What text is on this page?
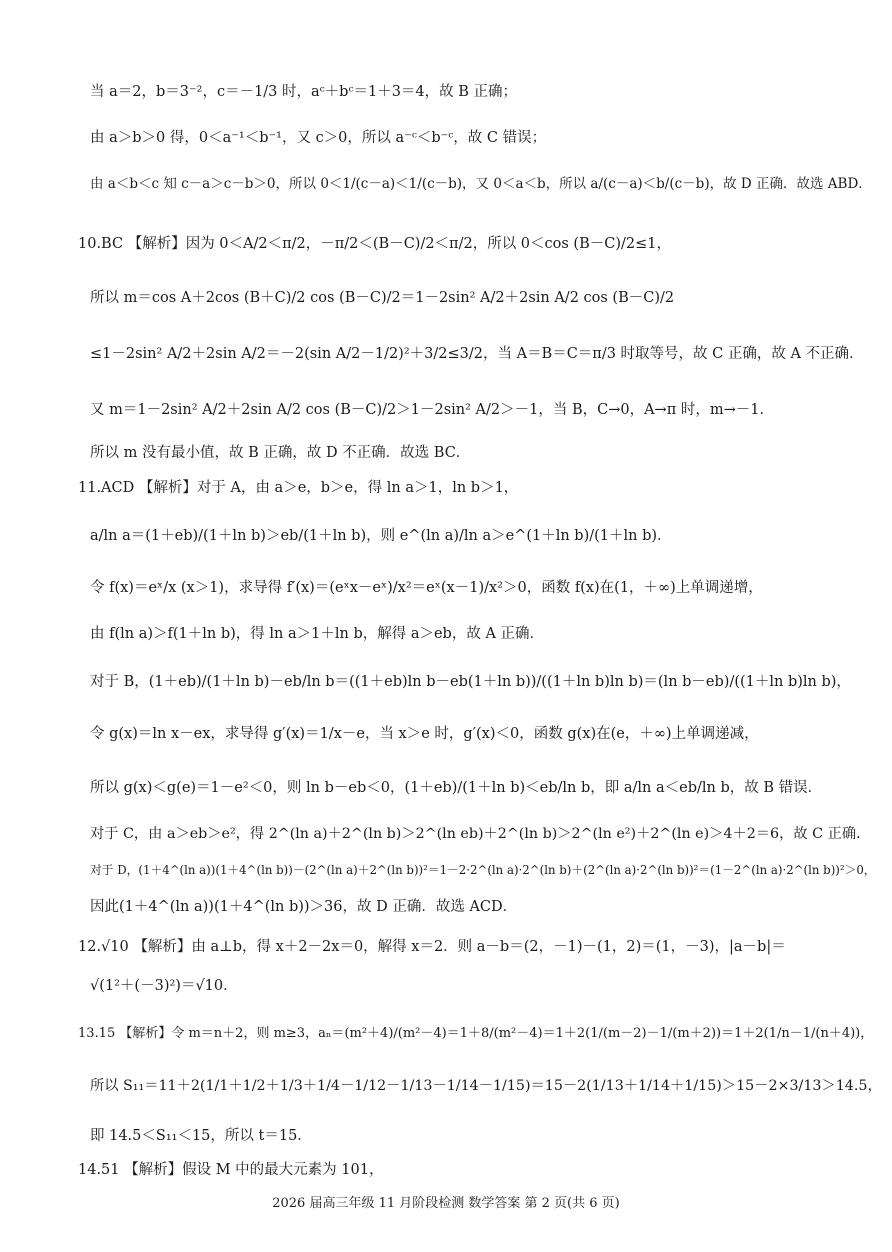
当 a＝2，b＝3⁻²，c＝－1/3 时，aᶜ＋bᶜ＝1＋3＝4，故 B 正确；
由 a＞b＞0 得，0＜a⁻¹＜b⁻¹，又 c＞0，所以 a⁻ᶜ＜b⁻ᶜ，故 C 错误；
由 a＜b＜c 知 c－a＞c－b＞0，所以 0＜1/(c－a)＜1/(c－b)，又 0＜a＜b，所以 a/(c－a)＜b/(c－b)，故 D 正确．故选 ABD．
10.BC 【解析】因为 0＜A/2＜π/2，－π/2＜(B－C)/2＜π/2，所以 0＜cos (B－C)/2≤1，
所以 m＝cos A＋2cos (B＋C)/2 cos (B－C)/2＝1－2sin² A/2＋2sin A/2 cos (B－C)/2
≤1－2sin² A/2＋2sin A/2＝－2(sin A/2－1/2)²＋3/2≤3/2，当 A＝B＝C＝π/3 时取等号，故 C 正确，故 A 不正确．
又 m＝1－2sin² A/2＋2sin A/2 cos (B－C)/2＞1－2sin² A/2＞－1，当 B，C→0，A→π 时，m→－1．
所以 m 没有最小值，故 B 正确，故 D 不正确．故选 BC．
11.ACD 【解析】对于 A，由 a＞e，b＞e，得 ln a＞1，ln b＞1，
a/ln a＝(1＋eb)/(1＋ln b)＞eb/(1＋ln b)，则 e^(ln a)/ln a＞e^(1＋ln b)/(1＋ln b)．
令 f(x)＝eˣ/x (x＞1)，求导得 f′(x)＝(eˣx－eˣ)/x²＝eˣ(x－1)/x²＞0，函数 f(x)在(1，＋∞)上单调递增，
由 f(ln a)＞f(1＋ln b)，得 ln a＞1＋ln b，解得 a＞eb，故 A 正确．
对于 B，(1＋eb)/(1＋ln b)－eb/ln b＝((1＋eb)ln b－eb(1＋ln b))/((1＋ln b)ln b)＝(ln b－eb)/((1＋ln b)ln b)，
令 g(x)＝ln x－ex，求导得 g′(x)＝1/x－e，当 x＞e 时，g′(x)＜0，函数 g(x)在(e，＋∞)上单调递减，
所以 g(x)＜g(e)＝1－e²＜0，则 ln b－eb＜0，(1＋eb)/(1＋ln b)＜eb/ln b，即 a/ln a＜eb/ln b，故 B 错误．
对于 C，由 a＞eb＞e²，得 2^(ln a)＋2^(ln b)＞2^(ln eb)＋2^(ln b)＞2^(ln e²)＋2^(ln e)＞4＋2＝6，故 C 正确．
对于 D，(1＋4^(ln a))(1＋4^(ln b))－(2^(ln a)＋2^(ln b))²＝1－2·2^(ln a)·2^(ln b)＋(2^(ln a)·2^(ln b))²＝(1－2^(ln a)·2^(ln b))²＞0，
因此(1＋4^(ln a))(1＋4^(ln b))＞36，故 D 正确．故选 ACD．
12.√10 【解析】由 a⊥b，得 x＋2－2x＝0，解得 x＝2．则 a－b＝(2，－1)－(1，2)＝(1，－3)，|a－b|＝
√(1²＋(－3)²)＝√10．
13.15 【解析】令 m＝n＋2，则 m≥3，aₙ＝(m²＋4)/(m²－4)＝1＋8/(m²－4)＝1＋2(1/(m－2)－1/(m＋2))＝1＋2(1/n－1/(n＋4))，
所以 S₁₁＝11＋2(1/1＋1/2＋1/3＋1/4－1/12－1/13－1/14－1/15)＝15－2(1/13＋1/14＋1/15)＞15－2×3/13＞14.5，
即 14.5＜S₁₁＜15，所以 t＝15．
14.51 【解析】假设 M 中的最大元素为 101，
2026 届高三年级 11 月阶段检测 数学答案 第 2 页(共 6 页)
